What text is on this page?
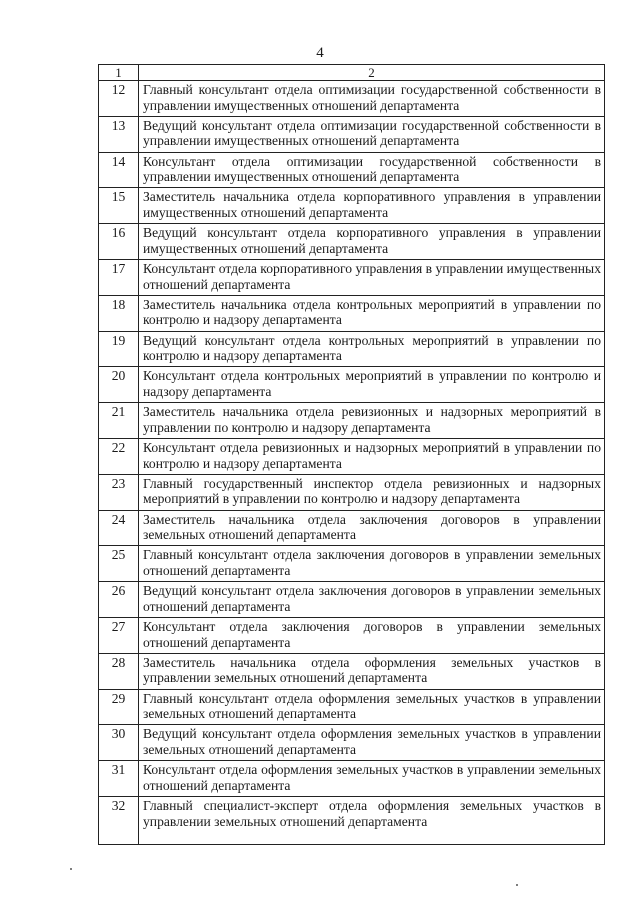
4
1	2
12	Главный консультант отдела оптимизации государственной собственности в управлении имущественных отношений департамента
13	Ведущий консультант отдела оптимизации государственной собственности в управлении имущественных отношений департамента
14	Консультант отдела оптимизации государственной собственности в управлении имущественных отношений департамента
15	Заместитель начальника отдела корпоративного управления в управлении имущественных отношений департамента
16	Ведущий консультант отдела корпоративного управления в управлении имущественных отношений департамента
17	Консультант отдела корпоративного управления в управлении имущественных отношений департамента
18	Заместитель начальника отдела контрольных мероприятий в управлении по контролю и надзору департамента
19	Ведущий консультант отдела контрольных мероприятий в управлении по контролю и надзору департамента
20	Консультант отдела контрольных мероприятий в управлении по контролю и надзору департамента
21	Заместитель начальника отдела ревизионных и надзорных мероприятий в управлении по контролю и надзору департамента
22	Консультант отдела ревизионных и надзорных мероприятий в управлении по контролю и надзору департамента
23	Главный государственный инспектор отдела ревизионных и надзорных мероприятий в управлении по контролю и надзору департамента
24	Заместитель начальника отдела заключения договоров в управлении земельных отношений департамента
25	Главный консультант отдела заключения договоров в управлении земельных отношений департамента
26	Ведущий консультант отдела заключения договоров в управлении земельных отношений департамента
27	Консультант отдела заключения договоров в управлении земельных отношений департамента
28	Заместитель начальника отдела оформления земельных участков в управлении земельных отношений департамента
29	Главный консультант отдела оформления земельных участков в управлении земельных отношений департамента
30	Ведущий консультант отдела оформления земельных участков в управлении земельных отношений департамента
31	Консультант отдела оформления земельных участков в управлении земельных отношений департамента
32	Главный специалист-эксперт отдела оформления земельных участков в управлении земельных отношений департамента
